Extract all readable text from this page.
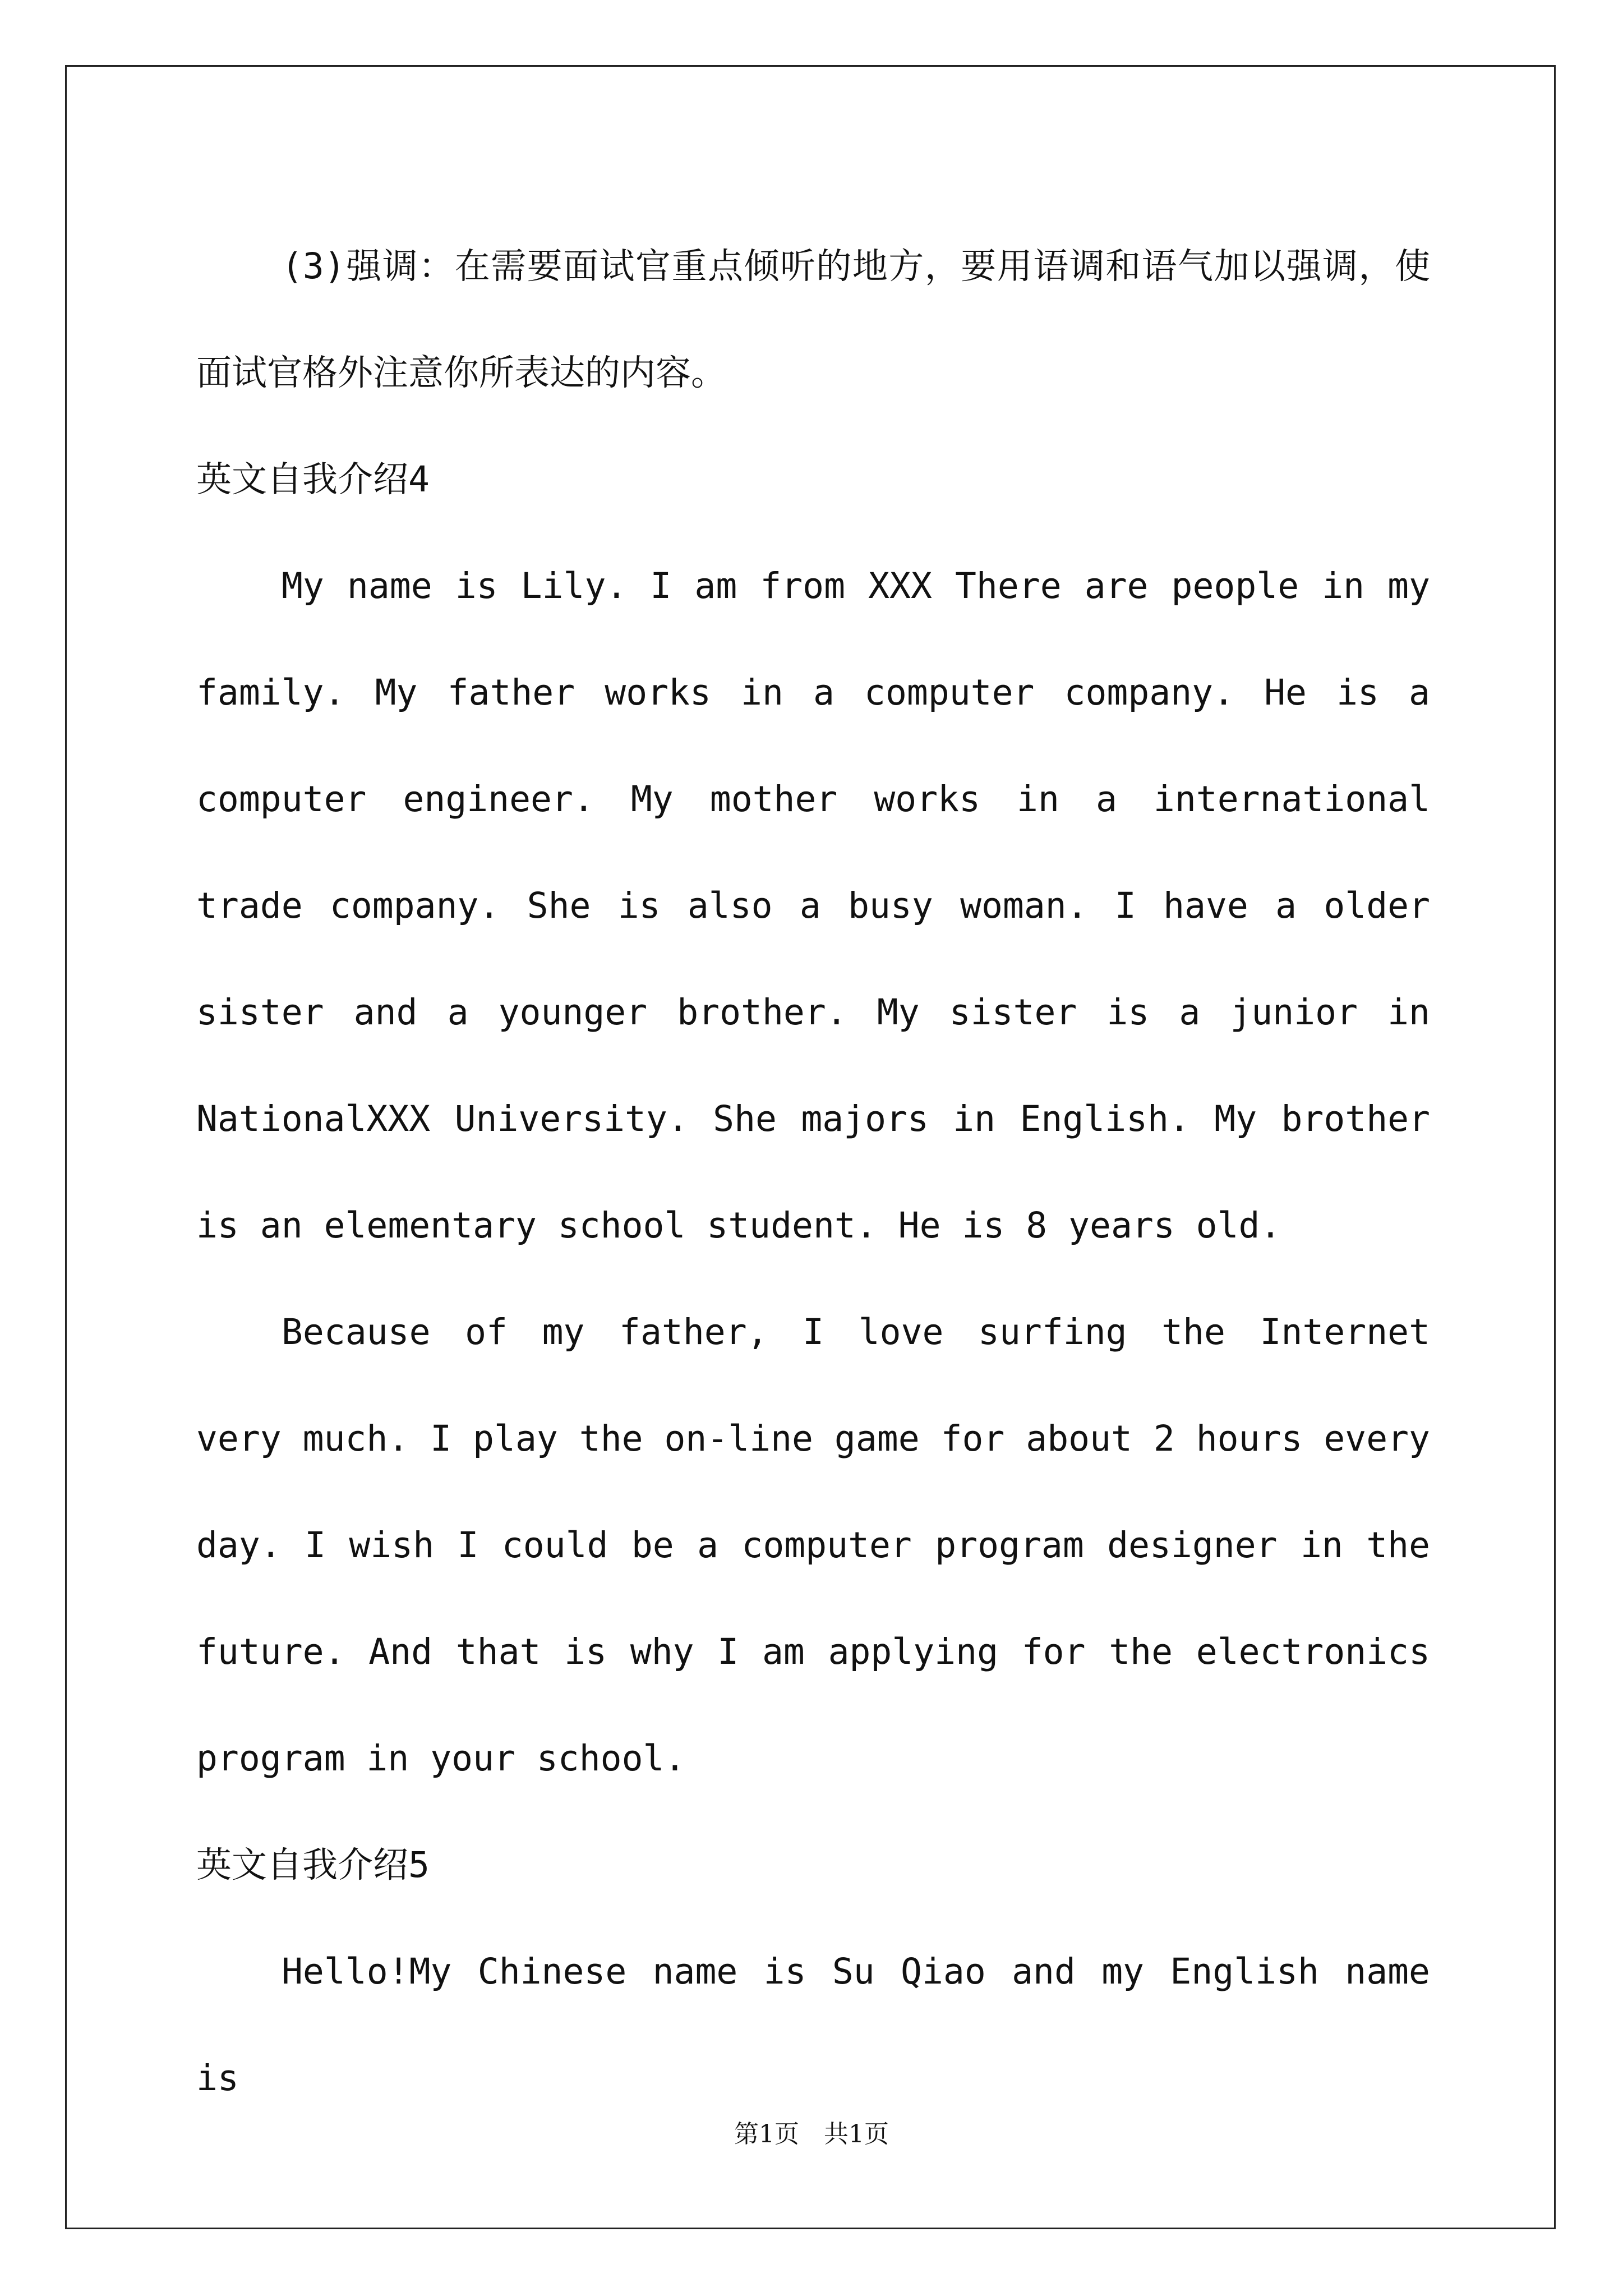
(3)强调：在需要面试官重点倾听的地方，要用语调和语气加以强调，使面试官格外注意你所表达的内容。

英文自我介绍4

My name is Lily. I am from XXX There are people in my family. My father works in a computer company. He is a computer engineer. My mother works in a international trade company. She is also a busy woman. I have a older sister and a younger brother. My sister is a junior in NationalXXX University. She majors in English. My brother is an elementary school student. He is 8 years old.

Because of my father, I love surfing the Internet very much. I play the on-line game for about 2 hours every day. I wish I could be a computer program designer in the future. And that is why I am applying for the electronics program in your school.

英文自我介绍5

Hello!My Chinese name is Su Qiao and my English name is

第1页　共1页
